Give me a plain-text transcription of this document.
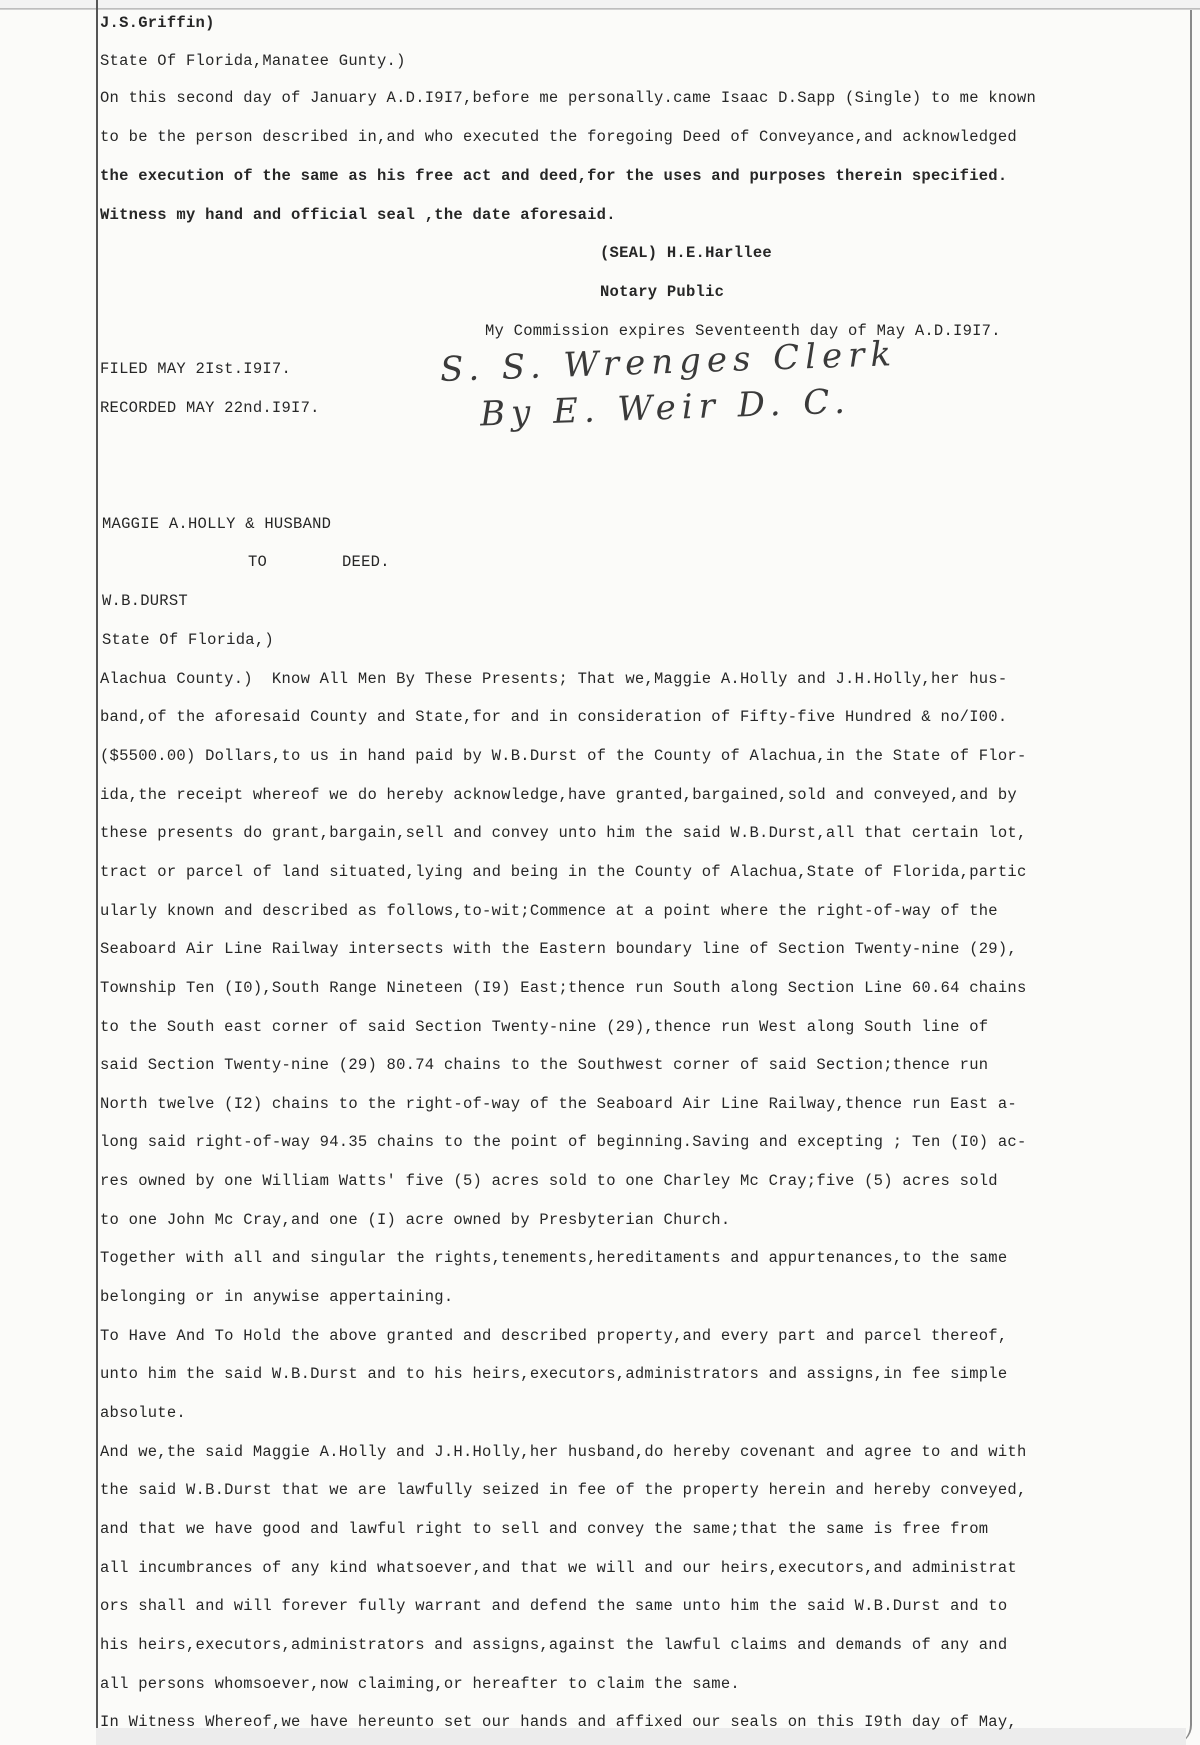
J.S.Griffin)
State Of Florida,Manatee Gunty.)
On this second day of January A.D.I9I7,before me personally.came Isaac D.Sapp (Single) to me known
to be the person described in,and who executed the foregoing Deed of Conveyance,and acknowledged
the execution of the same as his free act and deed,for the uses and purposes therein specified.
Witness my hand and official seal ,the date aforesaid.
(SEAL) H.E.Harllee
Notary Public
My Commission expires Seventeenth day of May A.D.I9I7.
FILED MAY 2Ist.I9I7.
RECORDED MAY 22nd.I9I7.
S. S. Wrenges Clerk
By E. Weir D. C.
MAGGIE A.HOLLY & HUSBAND
TO	DEED.
W.B.DURST
State Of Florida,)
Alachua County.)  Know All Men By These Presents; That we,Maggie A.Holly and J.H.Holly,her hus-
band,of the aforesaid County and State,for and in consideration of Fifty-five Hundred & no/I00.
($5500.00) Dollars,to us in hand paid by W.B.Durst of the County of Alachua,in the State of Flor-
ida,the receipt whereof we do hereby acknowledge,have granted,bargained,sold and conveyed,and by
these presents do grant,bargain,sell and convey unto him the said W.B.Durst,all that certain lot,
tract or parcel of land situated,lying and being in the County of Alachua,State of Florida,partic
ularly known and described as follows,to-wit;Commence at a point where the right-of-way of the
Seaboard Air Line Railway intersects with the Eastern boundary line of Section Twenty-nine (29),
Township Ten (I0),South Range Nineteen (I9) East;thence run South along Section Line 60.64 chains
to the South east corner of said Section Twenty-nine (29),thence run West along South line of
said Section Twenty-nine (29) 80.74 chains to the Southwest corner of said Section;thence run
North twelve (I2) chains to the right-of-way of the Seaboard Air Line Railway,thence run East a-
long said right-of-way 94.35 chains to the point of beginning.Saving and excepting ; Ten (I0) ac-
res owned by one William Watts' five (5) acres sold to one Charley Mc Cray;five (5) acres sold
to one John Mc Cray,and one (I) acre owned by Presbyterian Church.
Together with all and singular the rights,tenements,hereditaments and appurtenances,to the same
belonging or in anywise appertaining.
To Have And To Hold the above granted and described property,and every part and parcel thereof,
unto him the said W.B.Durst and to his heirs,executors,administrators and assigns,in fee simple
absolute.
And we,the said Maggie A.Holly and J.H.Holly,her husband,do hereby covenant and agree to and with
the said W.B.Durst that we are lawfully seized in fee of the property herein and hereby conveyed,
and that we have good and lawful right to sell and convey the same;that the same is free from
all incumbrances of any kind whatsoever,and that we will and our heirs,executors,and administrat
ors shall and will forever fully warrant and defend the same unto him the said W.B.Durst and to
his heirs,executors,administrators and assigns,against the lawful claims and demands of any and
all persons whomsoever,now claiming,or hereafter to claim the same.
In Witness Whereof,we have hereunto set our hands and affixed our seals on this I9th day of May,
